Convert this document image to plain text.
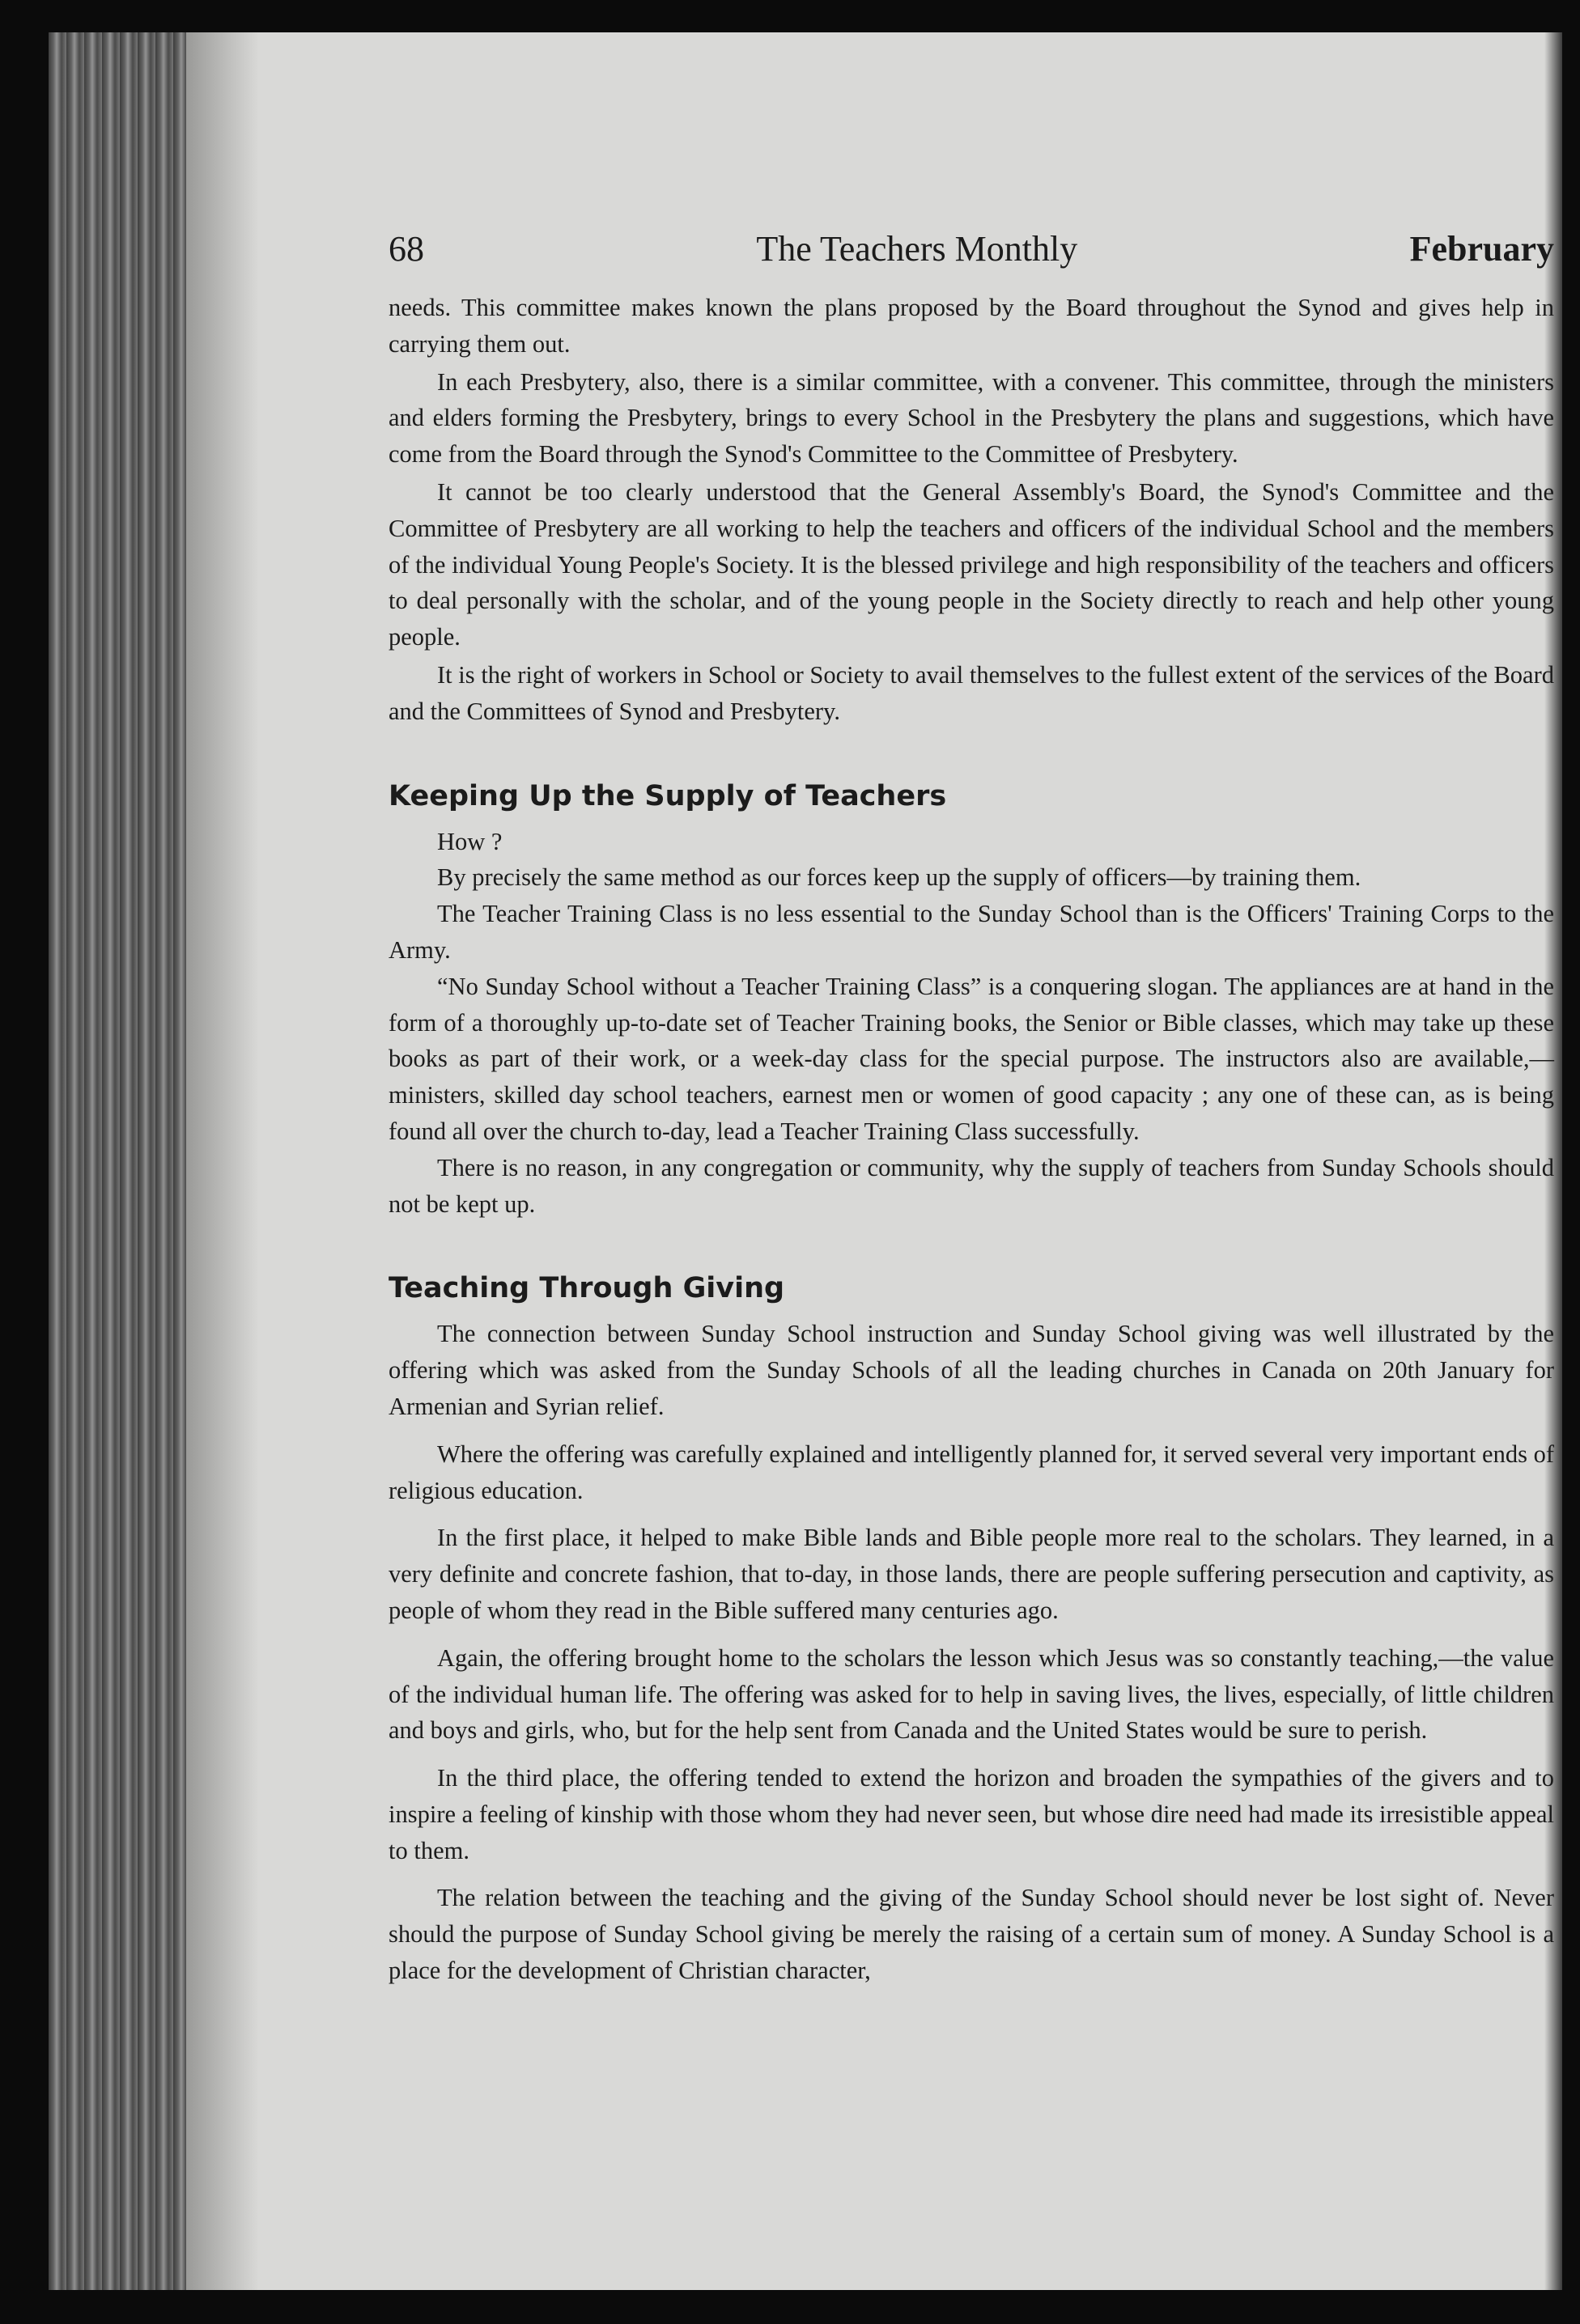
68	The Teachers Monthly	February

needs. This committee makes known the plans proposed by the Board throughout the Synod and gives help in carrying them out.

In each Presbytery, also, there is a similar committee, with a convener. This committee, through the ministers and elders forming the Presbytery, brings to every School in the Presbytery the plans and suggestions, which have come from the Board through the Synod's Committee to the Committee of Presbytery.

It cannot be too clearly understood that the General Assembly's Board, the Synod's Committee and the Committee of Presbytery are all working to help the teachers and officers of the individual School and the members of the individual Young People's Society. It is the blessed privilege and high responsibility of the teachers and officers to deal personally with the scholar, and of the young people in the Society directly to reach and help other young people.

It is the right of workers in School or Society to avail themselves to the fullest extent of the services of the Board and the Committees of Synod and Presbytery.

Keeping Up the Supply of Teachers

How ?

By precisely the same method as our forces keep up the supply of officers—by training them.

The Teacher Training Class is no less essential to the Sunday School than is the Officers' Training Corps to the Army.

“No Sunday School without a Teacher Training Class” is a conquering slogan. The appliances are at hand in the form of a thoroughly up-to-date set of Teacher Training books, the Senior or Bible classes, which may take up these books as part of their work, or a week-day class for the special purpose. The instructors also are available,—ministers, skilled day school teachers, earnest men or women of good capacity ; any one of these can, as is being found all over the church to-day, lead a Teacher Training Class successfully.

There is no reason, in any congregation or community, why the supply of teachers from Sunday Schools should not be kept up.

Teaching Through Giving

The connection between Sunday School instruction and Sunday School giving was well illustrated by the offering which was asked from the Sunday Schools of all the leading churches in Canada on 20th January for Armenian and Syrian relief.

Where the offering was carefully explained and intelligently planned for, it served several very important ends of religious education.

In the first place, it helped to make Bible lands and Bible people more real to the scholars. They learned, in a very definite and concrete fashion, that to-day, in those lands, there are people suffering persecution and captivity, as people of whom they read in the Bible suffered many centuries ago.

Again, the offering brought home to the scholars the lesson which Jesus was so constantly teaching,—the value of the individual human life. The offering was asked for to help in saving lives, the lives, especially, of little children and boys and girls, who, but for the help sent from Canada and the United States would be sure to perish.

In the third place, the offering tended to extend the horizon and broaden the sympathies of the givers and to inspire a feeling of kinship with those whom they had never seen, but whose dire need had made its irresistible appeal to them.

The relation between the teaching and the giving of the Sunday School should never be lost sight of. Never should the purpose of Sunday School giving be merely the raising of a certain sum of money. A Sunday School is a place for the development of Christian character,
